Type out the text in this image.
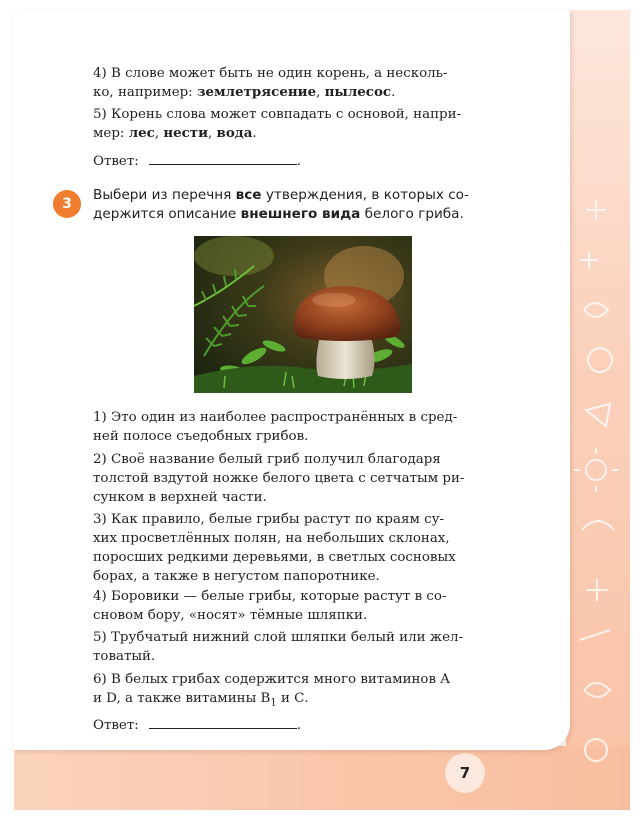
4) В слове может быть не один корень, а несколь-
ко, например: землетрясение, пылесос.
5) Корень слова может совпадать с основой, напри-
мер: лес, нести, вода.
Ответ:	.
3
Выбери из перечня все утверждения, в которых со-
держится описание внешнего вида белого гриба.
1) Это один из наиболее распространённых в сред-
ней полосе съедобных грибов.
2) Своё название белый гриб получил благодаря
толстой вздутой ножке белого цвета с сетчатым ри-
сунком в верхней части.
3) Как правило, белые грибы растут по краям су-
хих просветлённых полян, на небольших склонах,
поросших редкими деревьями, в светлых сосновых
борах, а также в негустом папоротнике.
4) Боровики — белые грибы, которые растут в со-
сновом бору, «носят» тёмные шляпки.
5) Трубчатый нижний слой шляпки белый или жел-
товатый.
6) В белых грибах содержится много витаминов A
и D, а также витамины $B_1$ и С.
Ответ:	.
7
